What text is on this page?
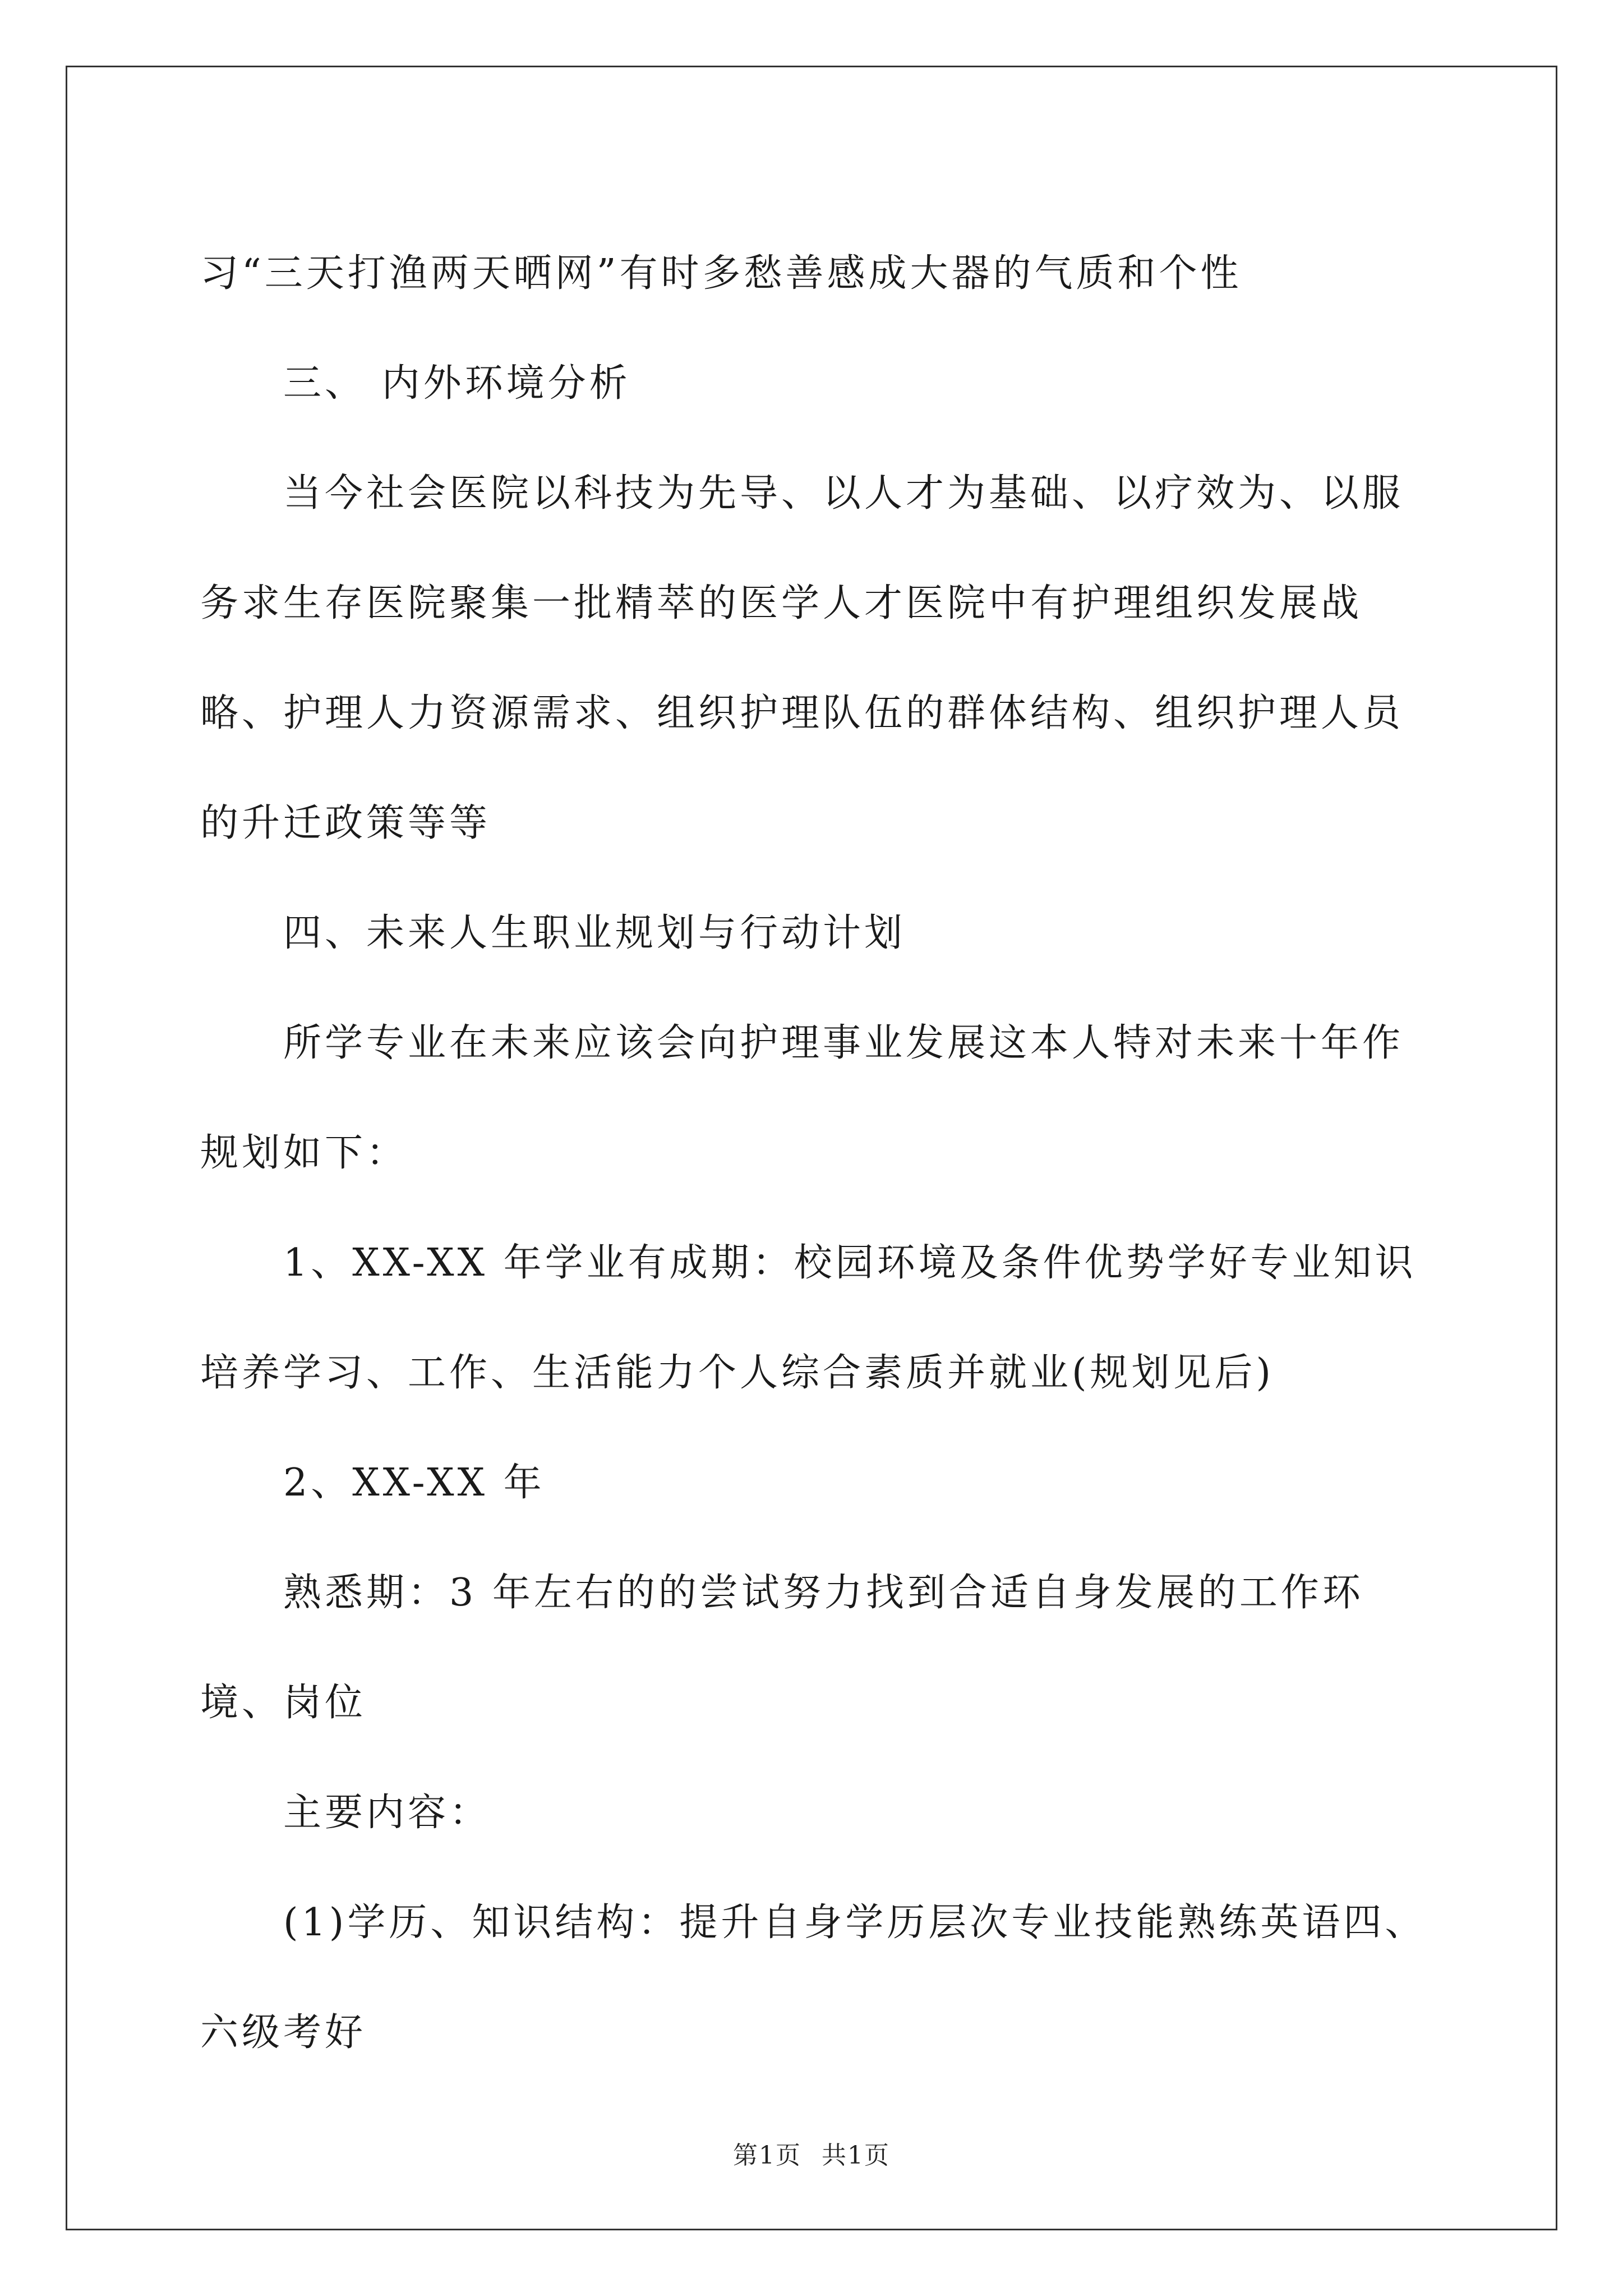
习“三天打渔两天晒网”有时多愁善感成大器的气质和个性

三、 内外环境分析

当今社会医院以科技为先导、以人才为基础、以疗效为、以服务求生存医院聚集一批精萃的医学人才医院中有护理组织发展战略、护理人力资源需求、组织护理队伍的群体结构、组织护理人员的升迁政策等等

四、未来人生职业规划与行动计划

所学专业在未来应该会向护理事业发展这本人特对未来十年作规划如下：

1、XX-XX 年学业有成期：校园环境及条件优势学好专业知识培养学习、工作、生活能力个人综合素质并就业(规划见后)

2、XX-XX 年

熟悉期：3 年左右的的尝试努力找到合适自身发展的工作环境、岗位

主要内容：

(1)学历、知识结构：提升自身学历层次专业技能熟练英语四、六级考好

第1页 共1页
